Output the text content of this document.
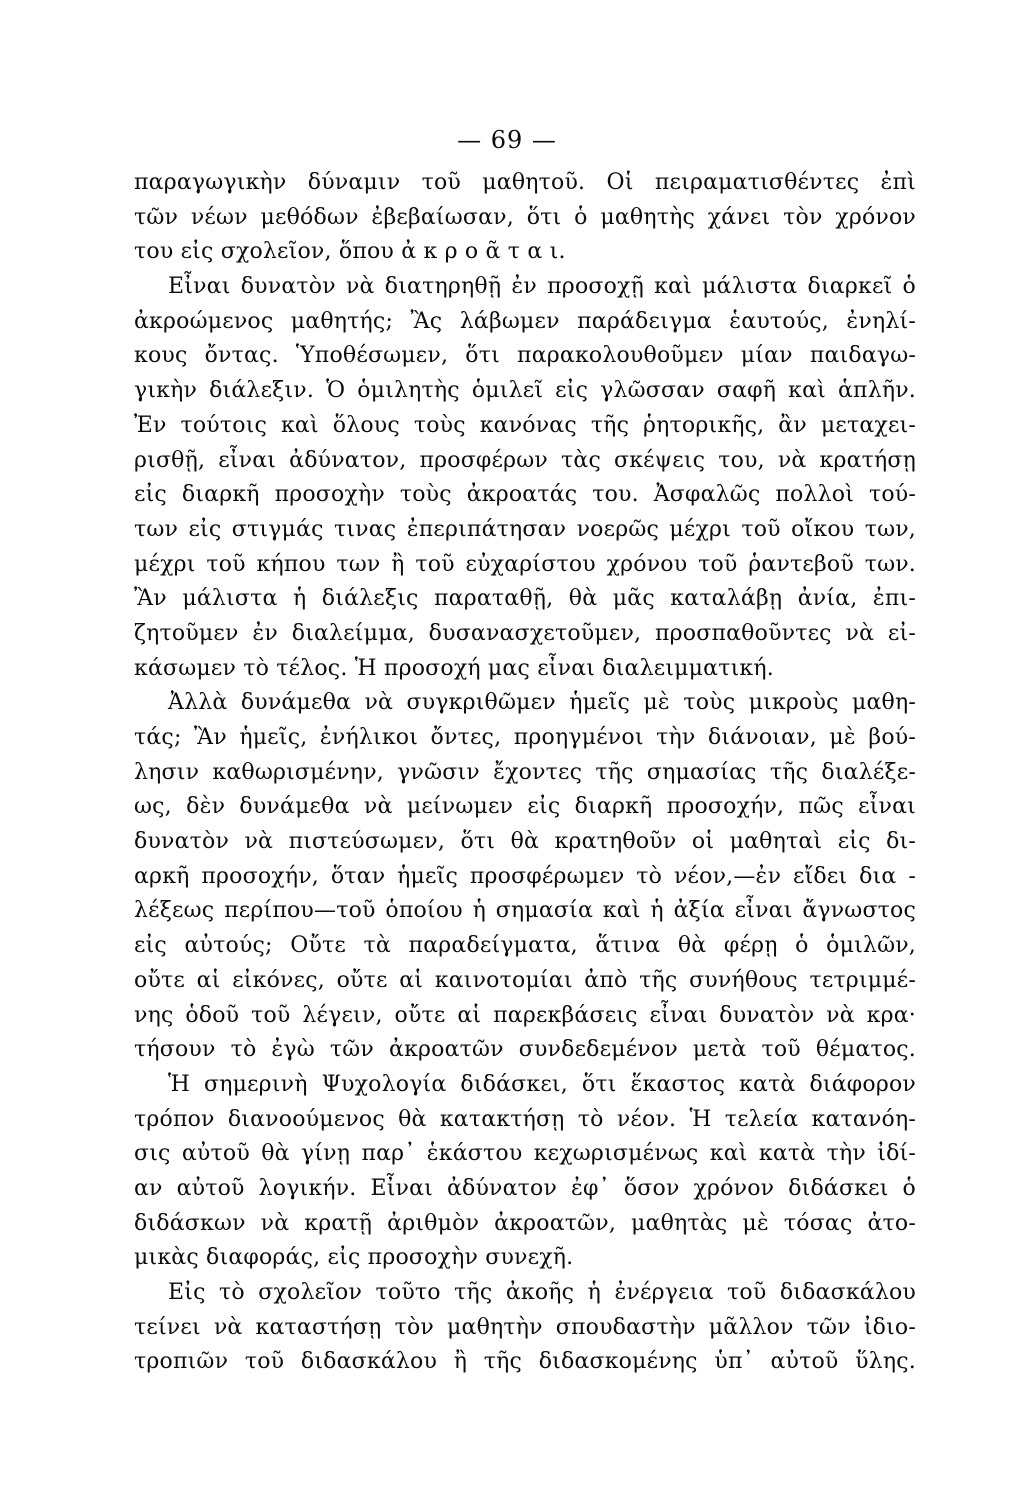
— 69 —
παραγωγικὴν δύναμιν τοῦ μαθητοῦ. Οἱ πειραματισθέντες ἐπὶ
τῶν νέων μεθόδων ἐβεβαίωσαν, ὅτι ὁ μαθητὴς χάνει τὸν χρόνον
του εἰς σχολεῖον, ὅπου ἀ κ ρ ο ᾶ τ α ι.
Εἶναι δυνατὸν νὰ διατηρηθῇ ἐν προσοχῇ καὶ μάλιστα διαρκεῖ ὁ
ἀκροώμενος μαθητής; Ἂς λάβωμεν παράδειγμα ἑαυτούς, ἐνηλί-
κους ὄντας. Ὑποθέσωμεν, ὅτι παρακολουθοῦμεν μίαν παιδαγω-
γικὴν διάλεξιν. Ὁ ὁμιλητὴς ὁμιλεῖ εἰς γλῶσσαν σαφῆ καὶ ἁπλῆν.
Ἐν τούτοις καὶ ὅλους τοὺς κανόνας τῆς ῥητορικῆς, ἂν μεταχει-
ρισθῇ, εἶναι ἀδύνατον, προσφέρων τὰς σκέψεις του, νὰ κρατήσῃ
εἰς διαρκῆ προσοχὴν τοὺς ἀκροατάς του. Ἀσφαλῶς πολλοὶ τού-
των εἰς στιγμάς τινας ἐπεριπάτησαν νοερῶς μέχρι τοῦ οἴκου των,
μέχρι τοῦ κήπου των ἢ τοῦ εὐχαρίστου χρόνου τοῦ ῥαντεβοῦ των.
Ἂν μάλιστα ἡ διάλεξις παραταθῇ, θὰ μᾶς καταλάβῃ ἀνία, ἐπι-
ζητοῦμεν ἐν διαλείμμα, δυσανασχετοῦμεν, προσπαθοῦντες νὰ εἰ-
κάσωμεν τὸ τέλος. Ἡ προσοχή μας εἶναι διαλειμματική.
Ἀλλὰ δυνάμεθα νὰ συγκριθῶμεν ἡμεῖς μὲ τοὺς μικροὺς μαθη-
τάς; Ἂν ἡμεῖς, ἐνήλικοι ὄντες, προηγμένοι τὴν διάνοιαν, μὲ βού-
λησιν καθωρισμένην, γνῶσιν ἔχοντες τῆς σημασίας τῆς διαλέξε-
ως, δὲν δυνάμεθα νὰ μείνωμεν εἰς διαρκῆ προσοχήν, πῶς εἶναι
δυνατὸν νὰ πιστεύσωμεν, ὅτι θὰ κρατηθοῦν οἱ μαθηταὶ εἰς δι-
αρκῆ προσοχήν, ὅταν ἡμεῖς προσφέρωμεν τὸ νέον,—ἐν εἴδει δια -
λέξεως περίπου—τοῦ ὁποίου ἡ σημασία καὶ ἡ ἀξία εἶναι ἄγνωστος
εἰς αὐτούς; Οὔτε τὰ παραδείγματα, ἅτινα θὰ φέρῃ ὁ ὁμιλῶν,
οὔτε αἱ εἰκόνες, οὔτε αἱ καινοτομίαι ἀπὸ τῆς συνήθους τετριμμέ-
νης ὁδοῦ τοῦ λέγειν, οὔτε αἱ παρεκβάσεις εἶναι δυνατὸν νὰ κρα·
τήσουν τὸ ἐγὼ τῶν ἀκροατῶν συνδεδεμένον μετὰ τοῦ θέματος.
Ἡ σημερινὴ Ψυχολογία διδάσκει, ὅτι ἕκαστος κατὰ διάφορον
τρόπον διανοούμενος θὰ κατακτήσῃ τὸ νέον. Ἡ τελεία κατανόη-
σις αὐτοῦ θὰ γίνῃ παρ᾽ ἑκάστου κεχωρισμένως καὶ κατὰ τὴν ἰδί-
αν αὐτοῦ λογικήν. Εἶναι ἀδύνατον ἐφ᾽ ὅσον χρόνον διδάσκει ὁ
διδάσκων νὰ κρατῇ ἀριθμὸν ἀκροατῶν, μαθητὰς μὲ τόσας ἀτο-
μικὰς διαφοράς, εἰς προσοχὴν συνεχῆ.
Εἰς τὸ σχολεῖον τοῦτο τῆς ἀκοῆς ἡ ἐνέργεια τοῦ διδασκάλου
τείνει νὰ καταστήσῃ τὸν μαθητὴν σπουδαστὴν μᾶλλον τῶν ἰδιο-
τροπιῶν τοῦ διδασκάλου ἢ τῆς διδασκομένης ὑπ᾽ αὐτοῦ ὕλης.
